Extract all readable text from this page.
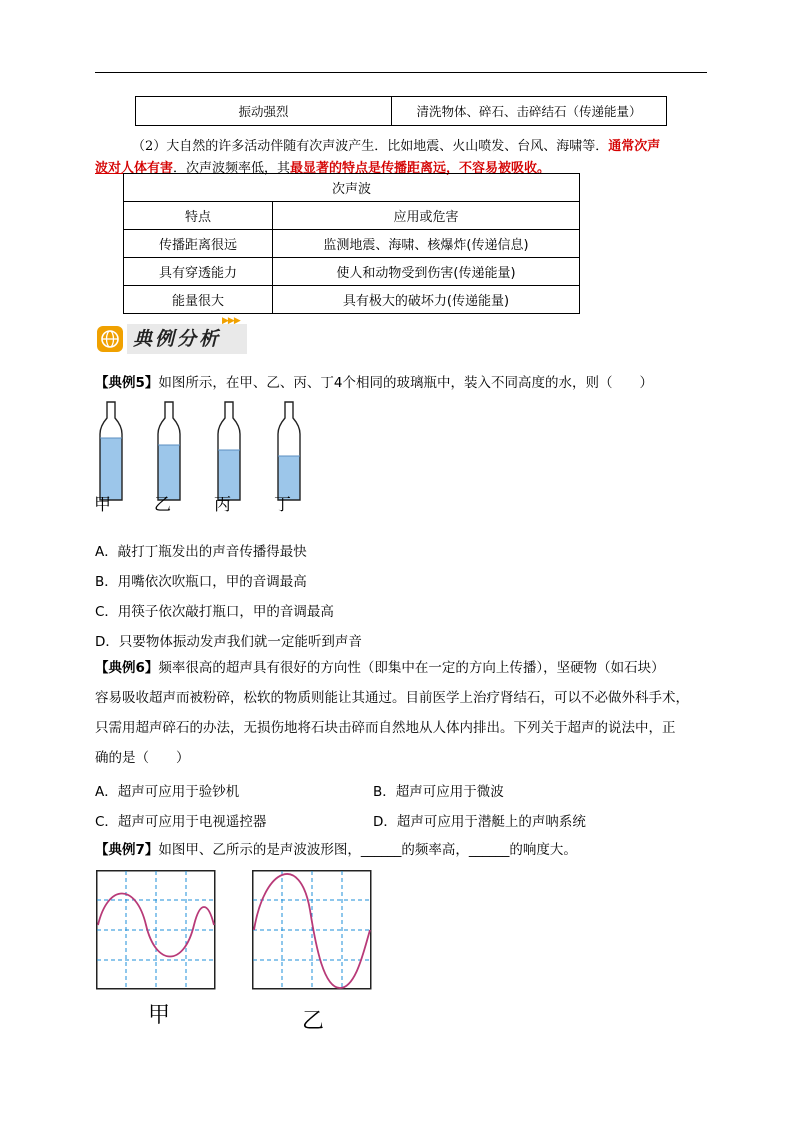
振动强烈	清洗物体、碎石、击碎结石（传递能量）
（2）大自然的许多活动伴随有次声波产生．比如地震、火山喷发、台风、海啸等．通常次声
波对人体有害．次声波频率低，其最显著的特点是传播距离远，不容易被吸收。
次声波	
特点	应用或危害
传播距离很远	监测地震、海啸、核爆炸(传递信息)
具有穿透能力	使人和动物受到伤害(传递能量)
能量很大	具有极大的破坏力(传递能量)
典例分析
▶▶▶
【典例5】如图所示，在甲、乙、丙、丁4个相同的玻璃瓶中，装入不同高度的水，则（　　）
甲	乙	丙	丁
A．敲打丁瓶发出的声音传播得最快
B．用嘴依次吹瓶口，甲的音调最高
C．用筷子依次敲打瓶口，甲的音调最高
D．只要物体振动发声我们就一定能听到声音
【典例6】频率很高的超声具有很好的方向性（即集中在一定的方向上传播），坚硬物（如石块）
容易吸收超声而被粉碎，松软的物质则能让其通过。目前医学上治疗肾结石，可以不必做外科手术，
只需用超声碎石的办法，无损伤地将石块击碎而自然地从人体内排出。下列关于超声的说法中，正
确的是（　　）
A．超声可应用于验钞机	B．超声可应用于微波
C．超声可应用于电视遥控器	D．超声可应用于潜艇上的声呐系统
【典例7】如图甲、乙所示的是声波波形图，______的频率高，______的响度大。
甲	乙
